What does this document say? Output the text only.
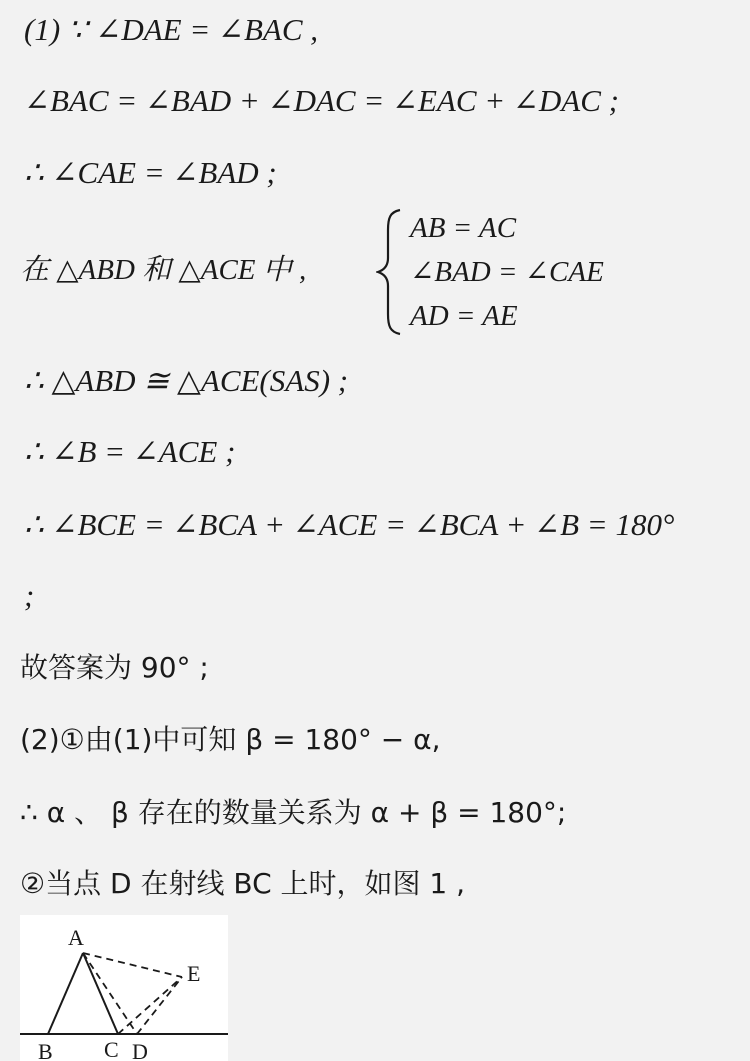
(1) ∵ ∠DAE = ∠BAC ,
∠BAC = ∠BAD + ∠DAC = ∠EAC + ∠DAC ;
∴ ∠CAE = ∠BAD ;
在 △ABD 和 △ACE 中 ,
AB = AC
∠BAD = ∠CAE
AD = AE
∴ △ABD ≅ △ACE(SAS) ;
∴ ∠B = ∠ACE ;
∴ ∠BCE = ∠BCA + ∠ACE = ∠BCA + ∠B = 180°
;
故答案为 90° ;
(2)①由(1)中可知 β = 180° − α,
∴ α 、 β 存在的数量关系为 α + β = 180°;
②当点 D 在射线 BC 上时，如图 1 ,
A
E
B C D
